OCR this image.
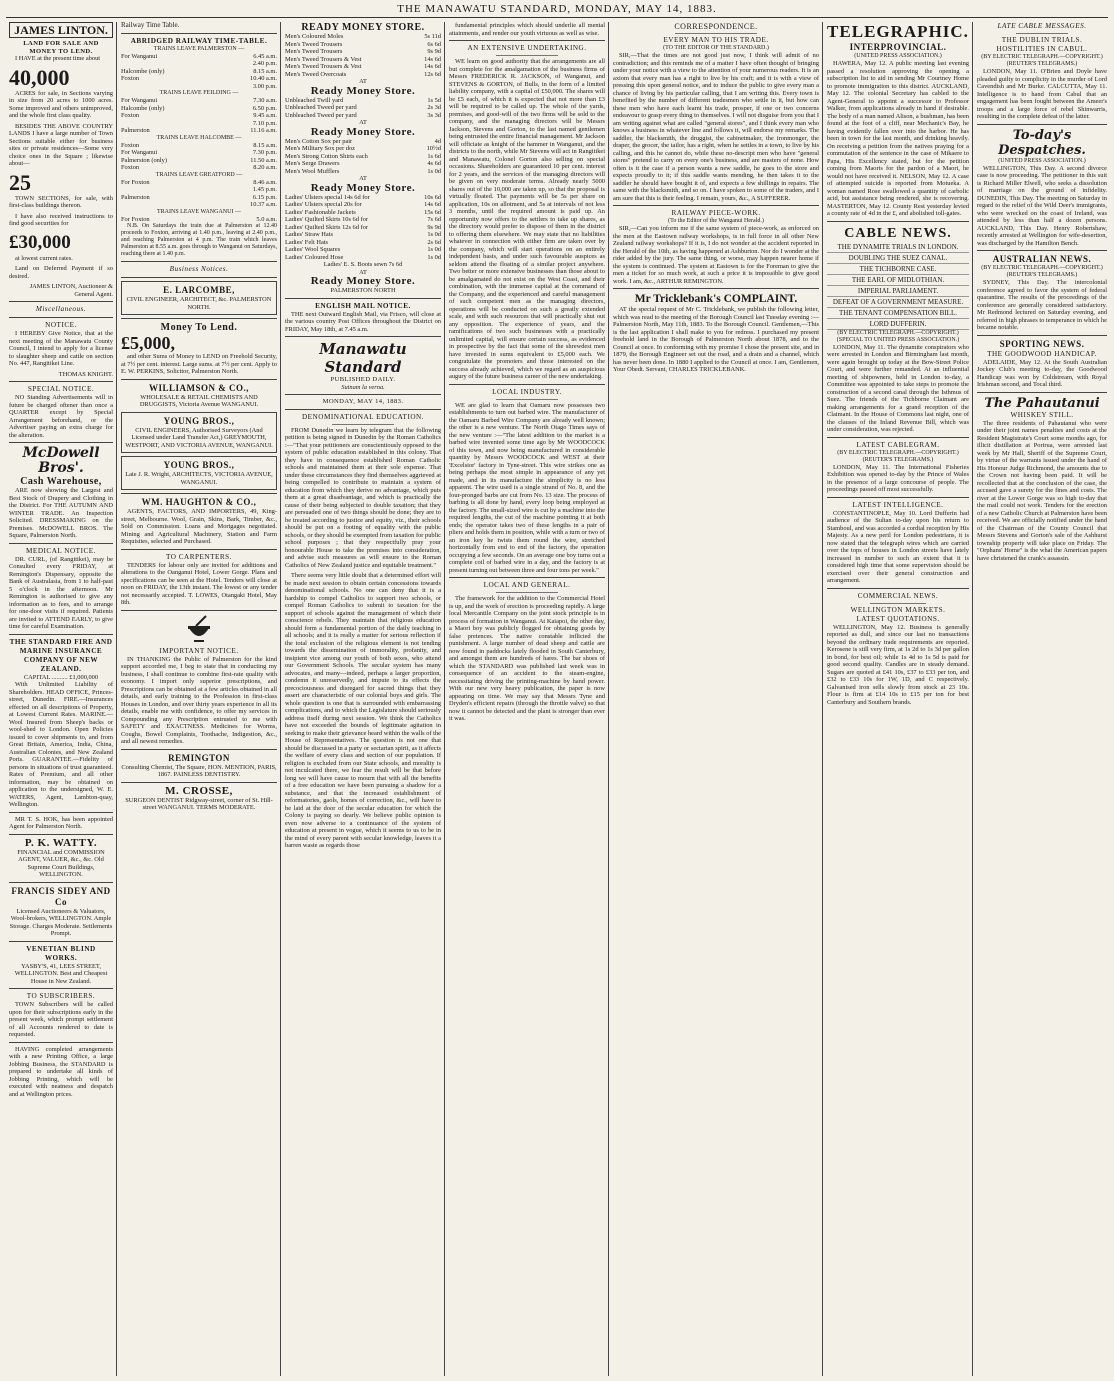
THE MANAWATU STANDARD, MONDAY, MAY 14, 1883.
JAMES LINTON.
LAND FOR SALE AND MONEY TO LEND.
I HAVE at the present time about
40,000
ACRES for sale, in Sections varying in size from 20 acres to 1000 acres. Some improved and others unimproved, and the whole first class quality.
BESIDES THE ABOVE COUNTRY LANDS I have a large number of Town Sections suitable either for business sites or private residences—Some very choice ones in the Square ; likewise about—
25
TOWN SECTIONS, for sale, with first-class buildings thereon.
I have also received instructions to find good securities for
£30,000
at lowest current rates.
Land on Deferred Payment if so desired.
JAMES LINTON, Auctioneer & General Agent.
Miscellaneous.
NOTICE.
I HEREBY Give Notice, that at the next meeting of the Manawatu County Council, I intend to apply for a license to slaughter sheep and cattle on section No. 447, Rangitikei Line.
THOMAS KNIGHT.
SPECIAL NOTICE.
NO Standing Advertisements will in future be charged oftener than once a QUARTER except by Special Arrangement beforehand, or the Advertiser paying an extra charge for the alteration.
McDowell Bros'.
Cash Warehouse,
ARE now showing the Largest and Best Stock of Drapery and Clothing in the District. For THE AUTUMN AND WINTER TRADE. An Inspection Solicited. DRESSMAKING on the Premises. McDOWELL BROS. The Square, Palmerston North.
MEDICAL NOTICE.
DR. CURL, (of Rangitikei), may be Consulted every FRIDAY, at Remington's Dispensary, opposite the Bank of Australasia, from 1 to half-past 5 o'clock in the afternoon. Mr Remington is authorised to give any information as to fees, and to arrange for one-door visits if required. Patients are invited to ATTEND EARLY, to give time for careful Examination.
THE STANDARD FIRE AND MARINE INSURANCE COMPANY OF NEW ZEALAND.
CAPITAL .......... £1,000,000
With Unlimited Liability of Shareholders. HEAD OFFICE, Princes-street, Dunedin. FIRE.—Insurances effected on all descriptions of Property, at Lowest Current Rates. MARINE.—Wool Insured from Sheep's backs or wool-shed to London. Open Policies issued to cover shipments to, and from Great Britain, America, India, China, Australian Colonies, and New Zealand Ports. GUARANTEE.—Fidelity of persons in situations of trust guaranteed. Rates of Premium, and all other information, may be obtained on application to the undersigned, W. E. WATERS, Agent, Lambton-quay, Wellington.
MR T. S. HOK, has been appointed Agent for Palmerston North.
P. K. WATTY.
FINANCIAL and COMMISSION AGENT, VALUER, &c., &c. Old Supreme Court Buildings, WELLINGTON.
FRANCIS SIDEY AND Co
Licensed Auctioneers & Valuators, Wool-brokers, WELLINGTON. Ample Storage. Charges Moderate. Settlements Prompt.
VENETIAN BLIND WORKS.
YASBY'S, 41, LEES STREET, WELLINGTON. Best and Cheapest House in New Zealand.
TO SUBSCRIBERS.
TOWN Subscribers will be called upon for their subscriptions early in the present week, which prompt settlement of all Accounts rendered to date is requested.
HAVING completed arrangements with a new Printing Office, a large Jobbing Business, the STANDARD is prepared to undertake all kinds of Jobbing Printing, which will be executed with neatness and despatch and at Wellington prices.
Railway Time Table.
ABRIDGED RAILWAY TIME-TABLE.
TRAINS LEAVE PALMERSTON —
For Wanganui	6.45 a.m.
2.40 p.m.
Halcombe (only)	8.15 a.m.
Foxton	10.40 a.m.
3.00 p.m.
TRAINS LEAVE FEILDING —
For Wanganui	7.30 a.m.
Halcombe (only)	6.50 p.m.
Foxton	9.45 a.m.
7.10 p.m.
Palmerston	11.16 a.m.
TRAINS LEAVE HALCOMBE —
Foxton	8.15 a.m.
For Wanganui	7.30 p.m.
Palmerston (only)	11.50 a.m.
Foxton	8.20 a.m.
TRAINS LEAVE GREATFORD —
For Foxton	8.46 a.m.
1.45 p.m.
Palmerston	6.15 p.m.
10.37 a.m.
TRAINS LEAVE WANGANUI —
For Foxton	5.0 a.m.
N.B. On Saturdays the train due at Palmerston at 12.40 proceeds to Foxton, arriving at 1.40 p.m., leaving at 2.40 p.m., and reaching Palmerston at 4 p.m. The train which leaves Palmerston at 8.55 a.m. goes through to Wanganui on Saturdays, reaching there at 1.40 p.m.
Business Notices.
E. LARCOMBE,
CIVIL ENGINEER, ARCHITECT, &c. PALMERSTON NORTH.
Money To Lend.
£5,000,
and other Sums of Money to LEND on Freehold Security, at 7½ per cent. interest. Large sums. at 7½ per cent. Apply to E. W. PERKINS, Solicitor, Palmerston North.
WILLIAMSON & CO.,
WHOLESALE & RETAIL CHEMISTS AND DRUGGISTS, Victoria Avenue WANGANUI.
YOUNG BROS.,
CIVIL ENGINEERS, Authorised Surveyors (And Licensed under Land Transfer Act,) GREYMOUTH, WESTPORT, AND VICTORIA AVENUE, WANGANUI.
YOUNG BROS.,
Late J. R. Wright, ARCHITECTS, VICTORIA AVENUE, WANGANUI.
WM. HAUGHTON & CO.,
AGENTS, FACTORS, AND IMPORTERS, 49, King-street, Melbourne. Wool, Grain, Skins, Bark, Timber, &c., Sold on Commission. Loans and Mortgages negotiated. Mining and Agricultural Machinery, Station and Farm Requisites, selected and Purchased.
TO CARPENTERS.
TENDERS for labour only are invited for additions and alterations to the Oanganui Hotel, Lower Gorge. Plans and specifications can be seen at the Hotel. Tenders will close at noon on FRIDAY, the 13th instant. The lowest or any tender not necessarily accepted. T. LOWES, Otangaki Hotel, May 8th.
IMPORTANT NOTICE.
IN THANKING the Public of Palmerston for the kind support accorded me, I beg to state that in conducting my business, I shall continue to combine first-rate quality with economy. I import only superior prescriptions, and Prescriptions can be obtained at a few articles obtained in all details, and early training to the Profession in first-class Houses in London, and over thirty years experience in all its details, enable me with confidence, to offer my services in Compounding any Prescription entrusted to me with SAFETY and EXACTNESS. Medicines for Worms, Coughs, Bowel Complaints, Toothache, Indigestion, &c., and all newest remedies.
REMINGTON
Consulting Chemist, The Square, HON. MENTION, PARIS, 1867. PAINLESS DENTISTRY.
M. CROSSE,
SURGEON DENTIST Ridgway-street, corner of St. Hill-street WANGANUI. TERMS MODERATE.
READY MONEY STORE.
Men's Coloured Moles	5s 11d
Men's Tweed Trousers	6s 6d
Men's Tweed Trousers	9s 9d
Men's Tweed Trousers & Vest	14s 6d
Men's Tweed Trousers & Vest	14s 6d
Men's Tweed Overcoats	12s 6d
AT
Ready Money Store.
Unbleached Twill yard	1s 5d
Unbleached Tweed per yard	2s 3d
Unbleached Tweed per yard	3s 3d
AT
Ready Money Store.
Men's Cotton Sox per pair	4d
Men's Military Sox per doz	10½d
Men's Strong Cotton Shirts each	1s 6d
Men's Serge Drawers	4s 6d
Men's Wool Mufflers	1s 0d
AT
Ready Money Store.
Ladies' Ulsters special 14s 6d for	10s 6d
Ladies' Ulsters special 20s for	14s 6d
Ladies' Fashionable Jackets	15s 6d
Ladies' Quilted Skirts 10s 6d for	7s 6d
Ladies' Quilted Skirts 12s 6d for	9s 9d
Ladies' Straw Hats	1s 0d
Ladies' Felt Hats	2s 6d
Ladies' Wool Squares	1s 0d
Ladies' Coloured Hose	1s 0d
Ladies' E. S. Boots sewn 7s 6d
AT
Ready Money Store.
PALMERSTON NORTH
ENGLISH MAIL NOTICE.
THE next Outward English Mail, via Frisco, will close at the various country Post Offices throughout the District on FRIDAY, May 18th, at 7.45 a.m.
Manawatu Standard
PUBLISHED DAILY.
Suinam la verna.
MONDAY, MAY 14, 1883.
DENOMINATIONAL EDUCATION.
FROM Dunedin we learn by telegram that the following petition is being signed in Dunedin by the Roman Catholics :—"That your petitioners are conscientiously opposed to the system of public education established in this colony. That they have in consequence established Roman Catholic schools and maintained them at their sole expense. That under these circumstances they find themselves aggrieved at being compelled to contribute to maintain a system of education from which they derive no advantage, which puts them at a great disadvantage, and which is practically the cause of their being subjected to double taxation; that they are persuaded one of two things should be done; they are to be treated according to justice and equity, viz., their schools should be put on a footing of equality with the public schools, or they should be exempted from taxation for public school purposes ; that they respectfully pray your honourable House to take the premises into consideration, and advise such measures as will ensure to the Roman Catholics of New Zealand justice and equitable treatment."
There seems very little doubt that a determined effort will be made next session to obtain certain concessions towards denominational schools. No one can deny that it is a hardship to compel Catholics to support two schools, or compel Roman Catholics to submit to taxation for the support of schools against the management of which their conscience rebels. They maintain that religious education should form a fundamental portion of the daily teaching in all schools; and it is really a matter for serious reflection if the total exclusion of the religious element is not tending towards the dissemination of immorality, profanity, and insipient vice among our youth of both sexes, who attend our Government Schools. The secular system has many advocates, and many—indeed, perhaps a larger proportion, condemn it unreservedly, and impute to its effects the precociousness and disregard for sacred things that they assert are characteristic of our colonial boys and girls. The whole question is one that is surrounded with embarrassing complications, and to which the Legislature should seriously address itself during next session. We think the Catholics have not exceeded the bounds of legitimate agitation in seeking to make their grievance heard within the walls of the House of Representatives. The question is not one that should be discussed in a party or sectarian spirit, as it affects the welfare of every class and section of our population. If religion is excluded from our State schools, and morality is not inculcated there, we fear the result will be that before long we will have cause to mourn that with all the benefits of a free education we have been pursuing a shadow for a substance, and that the increased establishment of reformatories, gaols, homes of correction, &c., will have to be laid at the door of the secular education for which the Colony is paying so dearly. We believe public opinion is even now adverse to a continuance of the system of education at present in vogue, which it seems to us to be in the mind of every parent with secular knowledge, leaves it a barren waste as regards those
fundamental principles which should underlie all mental attainments, and render our youth virtuous as well as wise.
AN EXTENSIVE UNDERTAKING.
WE learn on good authority that the arrangements are all but complete for the amalgamation of the business firms of Messrs FREDERICK R. JACKSON, of Wanganui, and STEVENS & GORTON, of Bulls, in the form of a limited liability company, with a capital of £50,000. The shares will be £5 each, of which it is expected that not more than £3 will be required to be called up. The whole of the yards, premises, and good-will of the two firms will be sold to the company, and the managing directors will be Messrs Jackson, Stevens and Gorton, to the last named gentlemen being entrusted the entire financial management. Mr Jackson will officiate as knight of the hammer in Wanganui, and the districts to the north, while Mr Stevens will act in Rangitikei and Manawatu, Colonel Gorton also selling on special occasions. Shareholders are guaranteed 10 per cent. interest for 2 years, and the services of the managing directors will be given on very moderate terms. Already nearly 5000 shares out of the 10,000 are taken up, so that the proposal is virtually floated. The payments will be 5s per share on application, 10s on allotment, and 5s at intervals of not less 3 months, until the required amount is paid up. An opportunity now offers to the settlers to take up shares, as the directory would prefer to dispose of them in the district to offering them elsewhere. We may state that no liabilities whatever in connection with either firm are taken over by the company, which will start operations on an entirely independent basis, and under such favourable auspices as seldom attend the floating of a similar project anywhere. Two better or more extensive businesses than those about to be amalgamated do not exist on the West Coast, and their combination, with the immense capital at the command of the Company, and the experienced and careful management of such competent men as the managing directors, operations will be conducted on such a greatly extended scale, and with such resources that will practically shut out any opposition. The experience of years, and the ramifications of two such businesses with a practically unlimited capital, will ensure certain success, as evidenced in prospective by the fact that some of the shrewdest men have invested in sums equivalent to £5,000 each. We congratulate the promoters and those interested on the success already achieved, which we regard as an auspicious augury of the future business career of the new undertaking.
LOCAL INDUSTRY.
WE are glad to learn that Oamaru now possesses two establishments to turn out barbed wire. The manufacturer of the Oamaru Barbed Wire Company are already well known; the other is a new venture. The North Otago Times says of the new venture :—"The latest addition to the market is a barbed wire invented some time ago by Mr WOODCOCK of this town, and now being manufactured in considerable quantity by Messrs WOODCOCK and WEST at their 'Excelsior' factory in Tyne-street. This wire strikes one as being perhaps the most simple in appearance of any yet made, and in its manufacture the simplicity is no less apparent. The wire used is a single strand of No. 8, and the four-pronged barbs are cut from No. 13 size. The process of barbing is all done by hand, every loop being employed at the factory. The small-sized wire is cut by a machine into the required lengths, the cut of the machine pointing it at both ends; the operator takes two of these lengths in a pair of pliers and holds them in position, while with a turn or two of an iron key he twists them round the wire, stretched horizontally from end to end of the factory, the operation occupying a few seconds. On an average one boy turns out a complete coil of barbed wire in a day, and the factory is at present turning out between three and four tons per week."
LOCAL AND GENERAL.
The framework for the addition to the Commercial Hotel is up, and the work of erection is proceeding rapidly. A large local Mercantile Company on the joint stock principle is in process of formation in Wanganui. At Kaiapoi, the other day, a Maori boy was publicly flogged for obtaining goods by false pretences. The native constable inflicted the punishment. A large number of dead sheep and cattle are now found in paddocks lately flooded in South Canterbury, and amongst them are hundreds of hares. The bar shoes of which the STANDARD was published last week was in consequence of an accident to the steam-engine, necessitating driving the printing-machine by hand power. With our new very heavy publication, the paper is now appearing on time. We may say that Messrs Tyne and Dryden's efficient repairs (through the throttle valve) so that now it cannot be detected and the plant is stronger than ever it was.
CORRESPONDENCE.
EVERY MAN TO HIS TRADE.
(TO THE EDITOR OF THE STANDARD.)
SIR,—That the times are not good just now, I think will admit of no contradiction; and this reminds me of a matter I have often thought of bringing under your notice with a view to the attention of your numerous readers. It is an axiom that every man has a right to live by his craft; and it is with a view of pressing this upon general notice, and to induce the public to give every man a chance of living by his particular calling, that I am writing this. Every town is benefited by the number of different tradesmen who settle in it, but how can these men who have each learnt his trade, prosper, if one or two concerns endeavour to grasp every thing to themselves. I will not disguise from you that I am writing against what are called "general stores", and I think every man who knows a business in whatever line and follows it, will endorse my remarks. The saddler, the blacksmith, the druggist, the cabinetmaker, the ironmonger, the draper, the grocer, the tailor, has a right, when he settles in a town, to live by his calling, and this he cannot do, while these no-descript men who have "general stores" pretend to carry on every one's business, and are masters of none. How often is it the case if a person wants a new saddle, he goes to the store and expects proudly to it; if this saddle wants mending, he then takes it to the saddler he should have bought it of, and expects a few shillings in repairs. The same with the blacksmith, and so on. I have spoken to some of the traders, and I am sure that this is their feeling. I remain, yours, &c., A SUFFERER.
RAILWAY PIECE-WORK.
(To the Editor of the Wanganui Herald.)
SIR,—Can you inform me if the same system of piece-work, as enforced on the men at the Eastown railway workshops, is in full force in all other New Zealand railway workshops? If it is, I do not wonder at the accident reported in the Herald of the 10th, as having happened at Ashburton. Nor do I wonder at the rider added by the jury. The same thing, or worse, may happen nearer home if the system is continued. The system at Eastown is for the Foreman to give the men a ticket for so much work, at such a price it is impossible to give good work. I am, &c., ARTHUR REMINGTON.
Mr Tricklebank's COMPLAINT.
AT the special request of Mr C. Tricklebank, we publish the following letter, which was read to the meeting of the Borough Council last Tuesday evening :— Palmerston North, May 11th, 1883. To the Borough Council. Gentlemen,—This is the last application I shall make to you for redress. I purchased my present freehold land in the Borough of Palmerston North about 1878, and to the Council at once. In conforming with my promise I chose the present site, and in 1879, the Borough Engineer set out the road, and a drain and a channel, which has never been done. In 1880 I applied to the Council at once. I am, Gentlemen, Your Obedt. Servant, CHARLES TRICKLEBANK.
TELEGRAPHIC.
INTERPROVINCIAL.
(UNITED PRESS ASSOCIATION.)
HAWERA, May 12. A public meeting last evening passed a resolution approving the opening a subscription list to aid in sending Mr Courtney Home to promote immigration to this district. AUCKLAND, May 12. The colonial Secretary has cabled to the Agent-General to appoint a successor to Professor Walker, from applications already in hand if desirable. The body of a man named Alison, a bushman, has been found at the foot of a cliff, near Mechanic's Bay, he having evidently fallen over into the harbor. He has been in town for the last month, and drinking heavily. On receiving a petition from the natives praying for a commutation of the sentence in the case of Mikaere to Papa, His Excellency stated, but for the petition coming from Maoris for the pardon of a Maori, he would not have received it. NELSON, May 12. A case of attempted suicide is reported from Motueka. A woman named Rose swallowed a quantity of carbolic acid, but assistance being rendered, she is recovering. MASTERTON, May 12. County Rest yesterday levied a county rate of 4d in the £, and abolished toll-gates.
CABLE NEWS.
THE DYNAMITE TRIALS IN LONDON.
DOUBLING THE SUEZ CANAL.
THE TICHBORNE CASE.
THE EARL OF MIDLOTHIAN.
IMPERIAL PARLIAMENT.
DEFEAT OF A GOVERNMENT MEASURE.
THE TENANT COMPENSATION BILL.
LORD DUFFERIN.
(BY ELECTRIC TELEGRAPH.—COPYRIGHT.) (SPECIAL TO UNITED PRESS ASSOCIATION.)
LONDON, May 11. The dynamite conspirators who were arrested in London and Birmingham last month, were again brought up today at the Bow-Street Police Court, and were further remanded. At an influential meeting of shipowners, held in London to-day, a Committee was appointed to take steps to promote the construction of a second canal through the Isthmus of Suez. The friends of the Tichborne Claimant are making arrangements for a grand reception of the Claimant. In the House of Commons last night, one of the clauses of the Inland Revenue Bill, which was under consideration, was rejected.
LATEST CABLEGRAM.
(BY ELECTRIC TELEGRAPH.—COPYRIGHT.) (REUTER'S TELEGRAMS.)
LONDON, May 11. The International Fisheries Exhibition was opened to-day by the Prince of Wales in the presence of a large concourse of people. The proceedings passed off most successfully.
LATEST INTELLIGENCE.
CONSTANTINOPLE, May 10. Lord Dufferin had audience of the Sultan to-day upon his return to Stamboul, and was accorded a cordial reception by His Majesty. As a new peril for London pedestrians, it is now stated that the telegraph wires which are carried over the tops of houses in London streets have lately increased in number to such an extent that it is considered high time that some supervision should be exercised over their general construction and arrangement.
COMMERCIAL NEWS.
WELLINGTON MARKETS.
LATEST QUOTATIONS.
WELLINGTON, May 12. Business is generally reported as dull, and since our last no transactions beyond the ordinary trade requirements are reported. Kerosene is still very firm, at 1s 2d to 1s 3d per gallon in bond, for best oil; while 1s 4d to 1s 5d is paid for good second quality. Candles are in steady demand. Sugars are quoted at £41 10s, £37 to £33 per ton, and £32 to £33 10s for 1W, 1D, and C respectively. Galvanised iron sells slowly from stock at 23 10s. Flour is firm at £14 10s to £15 per ton for best Canterbury and Southern brands.
LATE CABLE MESSAGES.
THE DUBLIN TRIALS.
HOSTILITIES IN CABUL.
(BY ELECTRIC TELEGRAPH.—COPYRIGHT.) (REUTER'S TELEGRAMS.)
LONDON, May 11. O'Brien and Doyle have pleaded guilty to complicity in the murder of Lord Cavendish and Mr Burke. CALCUTTA, May 11. Intelligence is to hand from Cabul that an engagement has been fought between the Ameer's troops and a large force of rebel Shinwarris, resulting in the complete defeat of the latter.
To-day's Despatches.
(UNITED PRESS ASSOCIATION.)
WELLINGTON, This Day. A second divorce case is now proceeding. The petitioner in this suit is Richard Miller Elwell, who seeks a dissolution of marriage on the ground of infidelity. DUNEDIN, This Day. The meeting on Saturday in regard to the relief of the Wild Deer's immigrants, who were wrecked on the coast of Ireland, was attended by less than half a dozen persons. AUCKLAND, This Day. Henry Robertshaw, recently arrested at Wellington for wife-desertion, was discharged by the Hamilton Bench.
AUSTRALIAN NEWS.
(BY ELECTRIC TELEGRAPH.—COPYRIGHT.) (REUTER'S TELEGRAMS.)
SYDNEY, This Day. The intercolonial conference agreed to favor the system of federal quarantine. The results of the proceedings of the conference are generally considered satisfactory. Mr Redmond lectured on Saturday evening, and referred in high phrases to temperance in which he became notable.
SPORTING NEWS.
THE GOODWOOD HANDICAP.
ADELAIDE, May 12. At the South Australian Jockey Club's meeting to-day, the Goodwood Handicap was won by Coldstream, with Royal Irishman second, and Tocal third.
The Pahautanui
WHISKEY STILL.
The three residents of Pahautanui who were under their joint names penalties and costs at the Resident Magistrate's Court some months ago, for illicit distillation at Porirua, were arrested last week by Mr Hall, Sheriff of the Supreme Court, by virtue of the warrants issued under the hand of His Honour Judge Richmond, the amounts due to the Crown not having been paid. It will be recollected that at the conclusion of the case, the accused gave a surety for the fines and costs. The river at the Lower Gorge was so high to-day that the mail could not work. Tenders for the erection of a new Catholic Church at Palmerston have been received. We are officially notified under the hand of the Chairman of the County Council that Messrs Stevens and Gorton's sale of the Ashhurst township property will take place on Friday. The "Orphans' Home" is the what the American papers have christened the crank's assassin.
